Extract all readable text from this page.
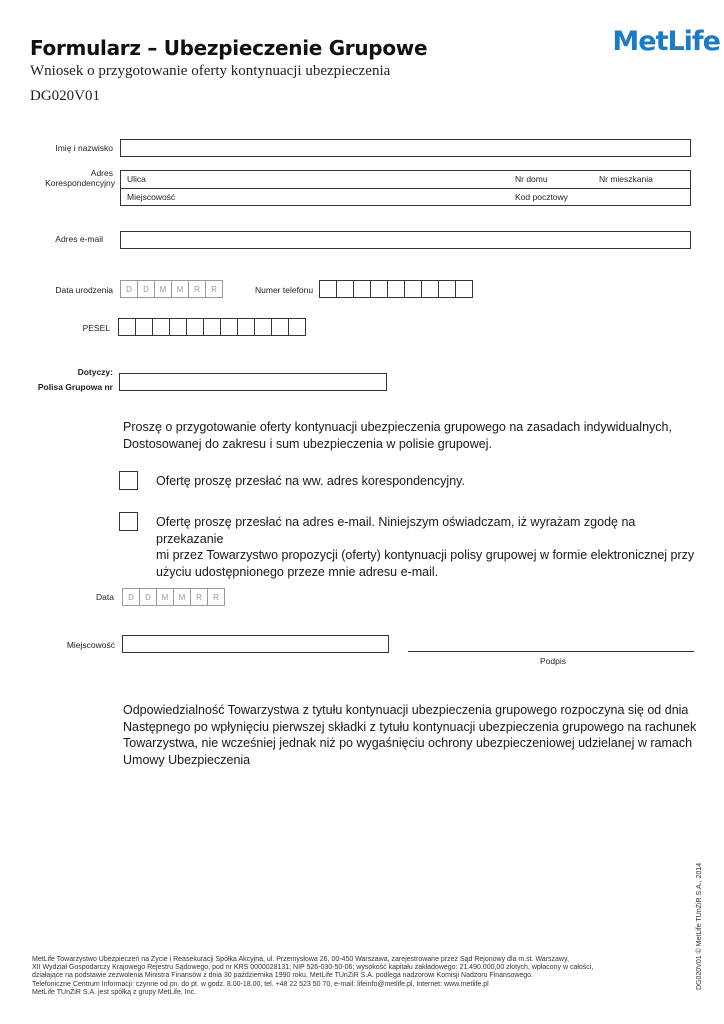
Formularz – Ubezpieczenie Grupowe
Wniosek o przygotowanie oferty kontynuacji ubezpieczenia
DG020V01
MetLife
Imię i nazwisko
Adres
Korespondencyjny Ulica	Nr domu	Nr mieszkania
Miejscowość	Kod pocztowy
Adres e-mail
Data urodzenia	D	D	M	M	R	R	Numer telefonu
PESEL
Dotyczy:
Polisa Grupowa nr
Proszę o przygotowanie oferty kontynuacji ubezpieczenia grupowego na zasadach indywidualnych,
Dostosowanej do zakresu i sum ubezpieczenia w polisie grupowej.
Ofertę proszę przesłać na ww. adres korespondencyjny.
Ofertę proszę przesłać na adres e-mail. Niniejszym oświadczam, iż wyrażam zgodę na przekazanie
mi przez Towarzystwo propozycji (oferty) kontynuacji polisy grupowej w formie elektronicznej przy
użyciu udostępnionego przeze mnie adresu e-mail.
Data	D	D	M	M	R	R
Miejscowość
Podpis
Odpowiedzialność Towarzystwa z tytułu kontynuacji ubezpieczenia grupowego rozpoczyna się od dnia
Następnego po wpłynięciu pierwszej składki z tytułu kontynuacji ubezpieczenia grupowego na rachunek
Towarzystwa, nie wcześniej jednak niż po wygaśnięciu ochrony ubezpieczeniowej udzielanej w ramach
Umowy Ubezpieczenia
DG020V01 © MetLife TUnŻiR S.A., 2014
MetLife Towarzystwo Ubezpieczeń na Życie i Reasekuracji Spółka Akcyjna, ul. Przemysłowa 26, 00-450 Warszawa, zarejestrowane przez Sąd Rejonowy dla m.st. Warszawy,
XII Wydział Gospodarczy Krajowego Rejestru Sądowego, pod nr KRS 0000028131; NIP 526-030-50-06; wysokość kapitału zakładowego: 21.490.000,00 złotych, wpłacony w całości,
działające na podstawie zezwolenia Ministra Finansów z dnia 30 października 1990 roku. MetLife TUnŻiR S.A. podlega nadzorowi Komisji Nadzoru Finansowego.
Telefoniczne Centrum Informacji: czynne od pn. do pt. w godz. 8.00-18.00, tel. +48 22 523 50 70, e-mail: lifeinfo@metlife.pl, Internet: www.metlife.pl
MetLife TUnŻiR S.A. jest spółką z grupy MetLife, Inc.
